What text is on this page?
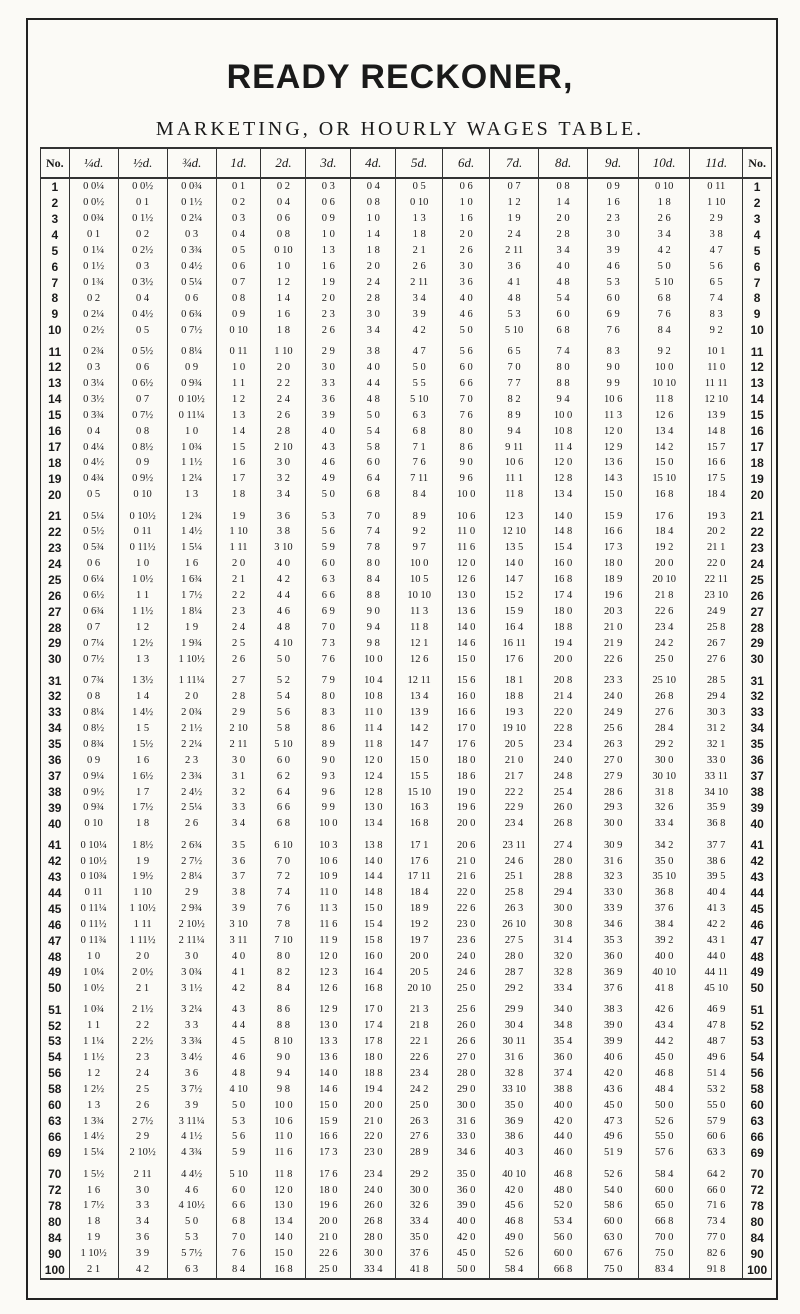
READY RECKONER,
MARKETING, OR HOURLY WAGES TABLE.
No.	¼d.	½d.	¾d.	1d.	2d.	3d.	4d.	5d.	6d.	7d.	8d.	9d.	10d.	11d.	No.
1	0 0¼	0 0½	0 0¾	0 1	0 2	0 3	0 4	0 5	0 6	0 7	0 8	0 9	0 10	0 11	1
2	0 0½	0 1	0 1½	0 2	0 4	0 6	0 8	0 10	1 0	1 2	1 4	1 6	1 8	1 10	2
3	0 0¾	0 1½	0 2¼	0 3	0 6	0 9	1 0	1 3	1 6	1 9	2 0	2 3	2 6	2 9	3
4	0 1	0 2	0 3	0 4	0 8	1 0	1 4	1 8	2 0	2 4	2 8	3 0	3 4	3 8	4
5	0 1¼	0 2½	0 3¾	0 5	0 10	1 3	1 8	2 1	2 6	2 11	3 4	3 9	4 2	4 7	5
6	0 1½	0 3	0 4½	0 6	1 0	1 6	2 0	2 6	3 0	3 6	4 0	4 6	5 0	5 6	6
7	0 1¾	0 3½	0 5¼	0 7	1 2	1 9	2 4	2 11	3 6	4 1	4 8	5 3	5 10	6 5	7
8	0 2	0 4	0 6	0 8	1 4	2 0	2 8	3 4	4 0	4 8	5 4	6 0	6 8	7 4	8
9	0 2¼	0 4½	0 6¾	0 9	1 6	2 3	3 0	3 9	4 6	5 3	6 0	6 9	7 6	8 3	9
10	0 2½	0 5	0 7½	0 10	1 8	2 6	3 4	4 2	5 0	5 10	6 8	7 6	8 4	9 2	10

11	0 2¾	0 5½	0 8¼	0 11	1 10	2 9	3 8	4 7	5 6	6 5	7 4	8 3	9 2	10 1	11
12	0 3	0 6	0 9	1 0	2 0	3 0	4 0	5 0	6 0	7 0	8 0	9 0	10 0	11 0	12
13	0 3¼	0 6½	0 9¾	1 1	2 2	3 3	4 4	5 5	6 6	7 7	8 8	9 9	10 10	11 11	13
14	0 3½	0 7	0 10½	1 2	2 4	3 6	4 8	5 10	7 0	8 2	9 4	10 6	11 8	12 10	14
15	0 3¾	0 7½	0 11¼	1 3	2 6	3 9	5 0	6 3	7 6	8 9	10 0	11 3	12 6	13 9	15
16	0 4	0 8	1 0	1 4	2 8	4 0	5 4	6 8	8 0	9 4	10 8	12 0	13 4	14 8	16
17	0 4¼	0 8½	1 0¾	1 5	2 10	4 3	5 8	7 1	8 6	9 11	11 4	12 9	14 2	15 7	17
18	0 4½	0 9	1 1½	1 6	3 0	4 6	6 0	7 6	9 0	10 6	12 0	13 6	15 0	16 6	18
19	0 4¾	0 9½	1 2¼	1 7	3 2	4 9	6 4	7 11	9 6	11 1	12 8	14 3	15 10	17 5	19
20	0 5	0 10	1 3	1 8	3 4	5 0	6 8	8 4	10 0	11 8	13 4	15 0	16 8	18 4	20

21	0 5¼	0 10½	1 2¾	1 9	3 6	5 3	7 0	8 9	10 6	12 3	14 0	15 9	17 6	19 3	21
22	0 5½	0 11	1 4½	1 10	3 8	5 6	7 4	9 2	11 0	12 10	14 8	16 6	18 4	20 2	22
23	0 5¾	0 11½	1 5¼	1 11	3 10	5 9	7 8	9 7	11 6	13 5	15 4	17 3	19 2	21 1	23
24	0 6	1 0	1 6	2 0	4 0	6 0	8 0	10 0	12 0	14 0	16 0	18 0	20 0	22 0	24
25	0 6¼	1 0½	1 6¾	2 1	4 2	6 3	8 4	10 5	12 6	14 7	16 8	18 9	20 10	22 11	25
26	0 6½	1 1	1 7½	2 2	4 4	6 6	8 8	10 10	13 0	15 2	17 4	19 6	21 8	23 10	26
27	0 6¾	1 1½	1 8¼	2 3	4 6	6 9	9 0	11 3	13 6	15 9	18 0	20 3	22 6	24 9	27
28	0 7	1 2	1 9	2 4	4 8	7 0	9 4	11 8	14 0	16 4	18 8	21 0	23 4	25 8	28
29	0 7¼	1 2½	1 9¾	2 5	4 10	7 3	9 8	12 1	14 6	16 11	19 4	21 9	24 2	26 7	29
30	0 7½	1 3	1 10½	2 6	5 0	7 6	10 0	12 6	15 0	17 6	20 0	22 6	25 0	27 6	30

31	0 7¾	1 3½	1 11¼	2 7	5 2	7 9	10 4	12 11	15 6	18 1	20 8	23 3	25 10	28 5	31
32	0 8	1 4	2 0	2 8	5 4	8 0	10 8	13 4	16 0	18 8	21 4	24 0	26 8	29 4	32
33	0 8¼	1 4½	2 0¾	2 9	5 6	8 3	11 0	13 9	16 6	19 3	22 0	24 9	27 6	30 3	33
34	0 8½	1 5	2 1½	2 10	5 8	8 6	11 4	14 2	17 0	19 10	22 8	25 6	28 4	31 2	34
35	0 8¾	1 5½	2 2¼	2 11	5 10	8 9	11 8	14 7	17 6	20 5	23 4	26 3	29 2	32 1	35
36	0 9	1 6	2 3	3 0	6 0	9 0	12 0	15 0	18 0	21 0	24 0	27 0	30 0	33 0	36
37	0 9¼	1 6½	2 3¾	3 1	6 2	9 3	12 4	15 5	18 6	21 7	24 8	27 9	30 10	33 11	37
38	0 9½	1 7	2 4½	3 2	6 4	9 6	12 8	15 10	19 0	22 2	25 4	28 6	31 8	34 10	38
39	0 9¾	1 7½	2 5¼	3 3	6 6	9 9	13 0	16 3	19 6	22 9	26 0	29 3	32 6	35 9	39
40	0 10	1 8	2 6	3 4	6 8	10 0	13 4	16 8	20 0	23 4	26 8	30 0	33 4	36 8	40

41	0 10¼	1 8½	2 6¾	3 5	6 10	10 3	13 8	17 1	20 6	23 11	27 4	30 9	34 2	37 7	41
42	0 10½	1 9	2 7½	3 6	7 0	10 6	14 0	17 6	21 0	24 6	28 0	31 6	35 0	38 6	42
43	0 10¾	1 9½	2 8¼	3 7	7 2	10 9	14 4	17 11	21 6	25 1	28 8	32 3	35 10	39 5	43
44	0 11	1 10	2 9	3 8	7 4	11 0	14 8	18 4	22 0	25 8	29 4	33 0	36 8	40 4	44
45	0 11¼	1 10½	2 9¾	3 9	7 6	11 3	15 0	18 9	22 6	26 3	30 0	33 9	37 6	41 3	45
46	0 11½	1 11	2 10½	3 10	7 8	11 6	15 4	19 2	23 0	26 10	30 8	34 6	38 4	42 2	46
47	0 11¾	1 11½	2 11¼	3 11	7 10	11 9	15 8	19 7	23 6	27 5	31 4	35 3	39 2	43 1	47
48	1 0	2 0	3 0	4 0	8 0	12 0	16 0	20 0	24 0	28 0	32 0	36 0	40 0	44 0	48
49	1 0¼	2 0½	3 0¾	4 1	8 2	12 3	16 4	20 5	24 6	28 7	32 8	36 9	40 10	44 11	49
50	1 0½	2 1	3 1½	4 2	8 4	12 6	16 8	20 10	25 0	29 2	33 4	37 6	41 8	45 10	50

51	1 0¾	2 1½	3 2¼	4 3	8 6	12 9	17 0	21 3	25 6	29 9	34 0	38 3	42 6	46 9	51
52	1 1	2 2	3 3	4 4	8 8	13 0	17 4	21 8	26 0	30 4	34 8	39 0	43 4	47 8	52
53	1 1¼	2 2½	3 3¾	4 5	8 10	13 3	17 8	22 1	26 6	30 11	35 4	39 9	44 2	48 7	53
54	1 1½	2 3	3 4½	4 6	9 0	13 6	18 0	22 6	27 0	31 6	36 0	40 6	45 0	49 6	54
56	1 2	2 4	3 6	4 8	9 4	14 0	18 8	23 4	28 0	32 8	37 4	42 0	46 8	51 4	56
58	1 2½	2 5	3 7½	4 10	9 8	14 6	19 4	24 2	29 0	33 10	38 8	43 6	48 4	53 2	58
60	1 3	2 6	3 9	5 0	10 0	15 0	20 0	25 0	30 0	35 0	40 0	45 0	50 0	55 0	60
63	1 3¾	2 7½	3 11¼	5 3	10 6	15 9	21 0	26 3	31 6	36 9	42 0	47 3	52 6	57 9	63
66	1 4½	2 9	4 1½	5 6	11 0	16 6	22 0	27 6	33 0	38 6	44 0	49 6	55 0	60 6	66
69	1 5¼	2 10½	4 3¾	5 9	11 6	17 3	23 0	28 9	34 6	40 3	46 0	51 9	57 6	63 3	69

70	1 5½	2 11	4 4½	5 10	11 8	17 6	23 4	29 2	35 0	40 10	46 8	52 6	58 4	64 2	70
72	1 6	3 0	4 6	6 0	12 0	18 0	24 0	30 0	36 0	42 0	48 0	54 0	60 0	66 0	72
78	1 7½	3 3	4 10½	6 6	13 0	19 6	26 0	32 6	39 0	45 6	52 0	58 6	65 0	71 6	78
80	1 8	3 4	5 0	6 8	13 4	20 0	26 8	33 4	40 0	46 8	53 4	60 0	66 8	73 4	80
84	1 9	3 6	5 3	7 0	14 0	21 0	28 0	35 0	42 0	49 0	56 0	63 0	70 0	77 0	84
90	1 10½	3 9	5 7½	7 6	15 0	22 6	30 0	37 6	45 0	52 6	60 0	67 6	75 0	82 6	90
100	2 1	4 2	6 3	8 4	16 8	25 0	33 4	41 8	50 0	58 4	66 8	75 0	83 4	91 8	100
